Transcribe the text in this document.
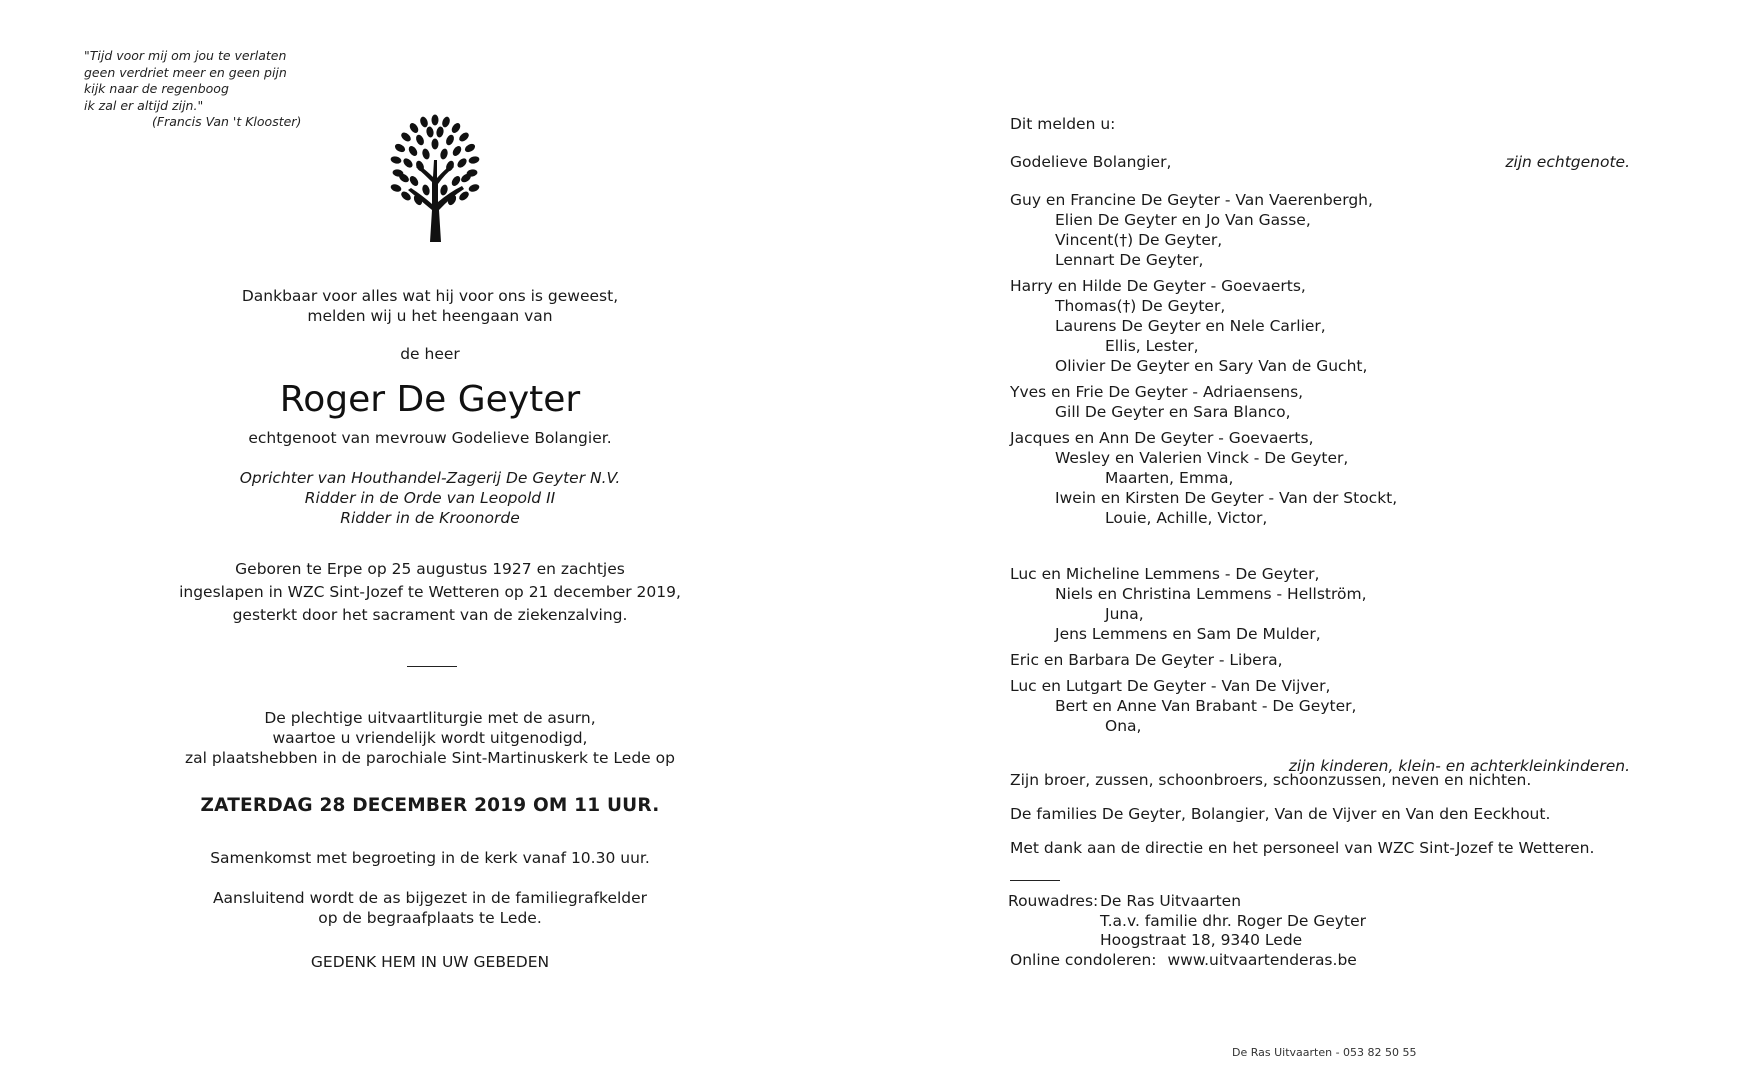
"Tijd voor mij om jou te verlaten
geen verdriet meer en geen pijn
kijk naar de regenboog
ik zal er altijd zijn."
(Francis Van 't Klooster)
Dankbaar voor alles wat hij voor ons is geweest,
melden wij u het heengaan van
de heer
Roger De Geyter
echtgenoot van mevrouw Godelieve Bolangier.
Oprichter van Houthandel-Zagerij De Geyter N.V.
Ridder in de Orde van Leopold II
Ridder in de Kroonorde
Geboren te Erpe op 25 augustus 1927 en zachtjes
ingeslapen in WZC Sint-Jozef te Wetteren op 21 december 2019,
gesterkt door het sacrament van de ziekenzalving.
De plechtige uitvaartliturgie met de asurn,
waartoe u vriendelijk wordt uitgenodigd,
zal plaatshebben in de parochiale Sint-Martinuskerk te Lede op
ZATERDAG 28 DECEMBER 2019 OM 11 UUR.
Samenkomst met begroeting in de kerk vanaf 10.30 uur.
Aansluitend wordt de as bijgezet in de familiegrafkelder
op de begraafplaats te Lede.
GEDENK HEM IN UW GEBEDEN
Dit melden u:
Godelieve Bolangier,	zijn echtgenote.
Guy en Francine De Geyter - Van Vaerenbergh,
Elien De Geyter en Jo Van Gasse,
Vincent(†) De Geyter,
Lennart De Geyter,
Harry en Hilde De Geyter - Goevaerts,
Thomas(†) De Geyter,
Laurens De Geyter en Nele Carlier,
Ellis, Lester,
Olivier De Geyter en Sary Van de Gucht,
Yves en Frie De Geyter - Adriaensens,
Gill De Geyter en Sara Blanco,
Jacques en Ann De Geyter - Goevaerts,
Wesley en Valerien Vinck - De Geyter,
Maarten, Emma,
Iwein en Kirsten De Geyter - Van der Stockt,
Louie, Achille, Victor,
Luc en Micheline Lemmens - De Geyter,
Niels en Christina Lemmens - Hellström,
Juna,
Jens Lemmens en Sam De Mulder,
Eric en Barbara De Geyter - Libera,
Luc en Lutgart De Geyter - Van De Vijver,
Bert en Anne Van Brabant - De Geyter,
Ona,
zijn kinderen, klein- en achterkleinkinderen.
Zijn broer, zussen, schoonbroers, schoonzussen, neven en nichten.
De families De Geyter, Bolangier, Van de Vijver en Van den Eeckhout.
Met dank aan de directie en het personeel van WZC Sint-Jozef te Wetteren.
Rouwadres:	De Ras Uitvaarten
	T.a.v. familie dhr. Roger De Geyter
	Hoogstraat 18, 9340 Lede
Online condoleren: www.uitvaartenderas.be
De Ras Uitvaarten - 053 82 50 55
